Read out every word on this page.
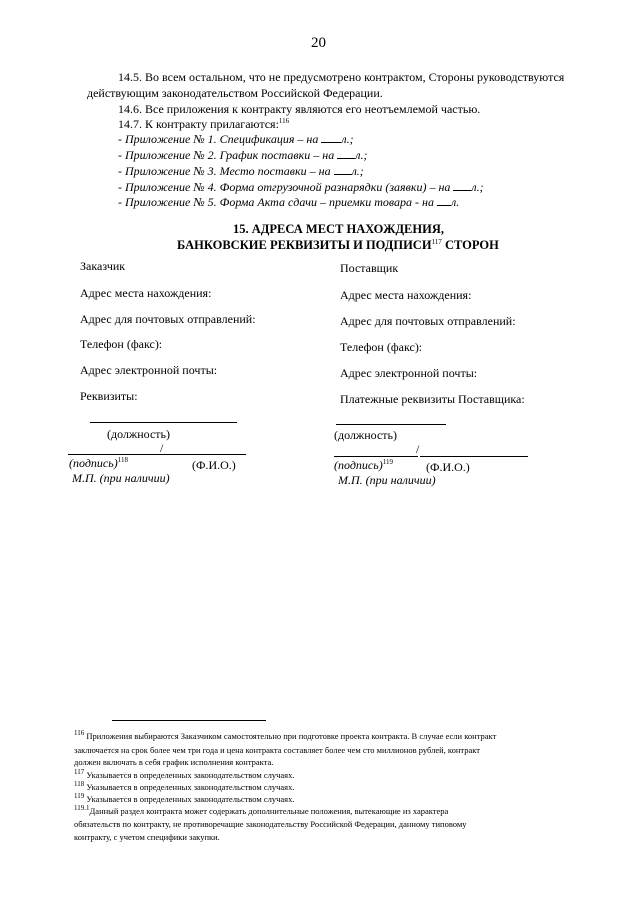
20
14.5. Во всем остальном, что не предусмотрено контрактом, Стороны руководствуются
действующим законодательством Российской Федерации.
14.6. Все приложения к контракту являются его неотъемлемой частью.
14.7. К контракту прилагаются:$^{116}$
- Приложение № 1. Спецификация – на л.;
- Приложение № 2. График поставки – на л.;
- Приложение № 3. Место поставки – на л.;
- Приложение № 4. Форма отгрузочной разнарядки (заявки) – на л.;
- Приложение № 5. Форма Акта сдачи – приемки товара - на л.
15. АДРЕСА МЕСТ НАХОЖДЕНИЯ,
БАНКОВСКИЕ РЕКВИЗИТЫ И ПОДПИСИ$^{117}$ СТОРОН
Заказчик
Адрес места нахождения:
Адрес для почтовых отправлений:
Телефон (факс):
Адрес электронной почты:
Реквизиты:
(должность)
/
(подпись)$^{118}$	(Ф.И.О.)
М.П. (при наличии)
Поставщик
Адрес места нахождения:
Адрес для почтовых отправлений:
Телефон (факс):
Адрес электронной почты:
Платежные реквизиты Поставщика:
(должность)
/
(подпись)$^{119}$	(Ф.И.О.)
М.П. (при наличии)
$^{116}$ Приложения выбираются Заказчиком самостоятельно при подготовке проекта контракта. В случае если контракт
заключается на срок более чем три года и цена контракта составляет более чем сто миллионов рублей, контракт
должен включать в себя график исполнения контракта.
$^{117}$ Указывается в определенных законодательством случаях.
$^{118}$ Указывается в определенных законодательством случаях.
$^{119}$ Указывается в определенных законодательством случаях.
$^{119.1}$Данный раздел контракта может содержать дополнительные положения, вытекающие из характера
обязательств по контракту, не противоречащие законодательству Российской Федерации, данному типовому
контракту, с учетом специфики закупки.
